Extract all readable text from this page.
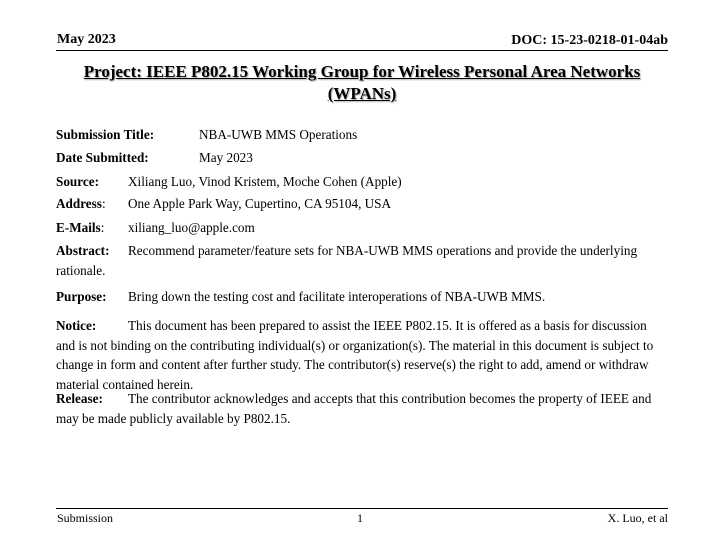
May 2023	DOC: 15-23-0218-01-04ab
Project: IEEE P802.15 Working Group for Wireless Personal Area Networks (WPANs)
Submission Title:	NBA-UWB MMS Operations
Date Submitted:	May 2023
Source: Xiliang Luo, Vinod Kristem, Moche Cohen (Apple)
Address: One Apple Park Way, Cupertino, CA 95104, USA
E-Mails: xiliang_luo@apple.com
Abstract: Recommend parameter/feature sets for NBA-UWB MMS operations and provide the underlying rationale.
Purpose: Bring down the testing cost and facilitate interoperations of NBA-UWB MMS.
Notice: This document has been prepared to assist the IEEE P802.15. It is offered as a basis for discussion and is not binding on the contributing individual(s) or organization(s). The material in this document is subject to change in form and content after further study. The contributor(s) reserve(s) the right to add, amend or withdraw material contained herein.
Release: The contributor acknowledges and accepts that this contribution becomes the property of IEEE and may be made publicly available by P802.15.
Submission	1	X. Luo, et al
